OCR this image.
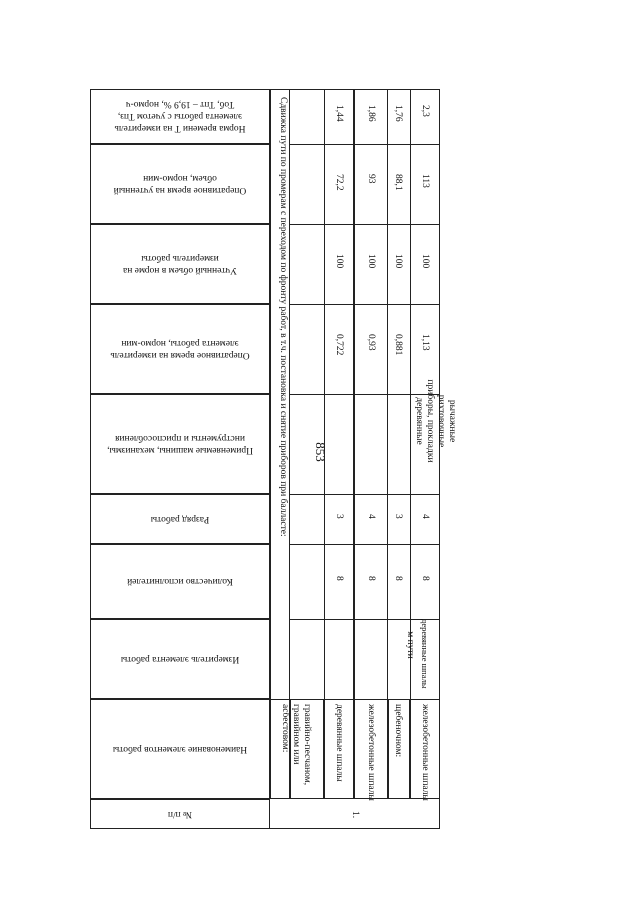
853
Норма времени Т на измеритель
элемента работы с учетом Тпз,
Тоб, Тпт – 19,9 %, нормо-ч
Оперативное время на учтенный объем, нормо-мин
Учтенный объем в норме на измеритель работы
Оперативное время на измеритель элемента работы, нормо-мин
Применяемые машины, механизмы, инструменты и приспособления
Разряд работы
Количество исполнителей
Измеритель элемента работы
Наименование элементов работы
№ п/п
Сдвижка пути по промерам с переходом по фронту работ, в т.ч. постановка и снятие приборов при балласте:
гравийно-песчаном, гравийном или асбестовом:	щебеночном:
деревянные шпалы
8
3
0,722
100
72,2
1,44
железобетонные шпалы
8
4
0,93
100
93
1,86
8
3
0,881
100
88,1
1,76
деревянные шпалы
железобетонные шпалы
8
4
1,13
100
113
2,3
1.
м пути
рычажные рихтовочные приборы, прокладки деревянные
